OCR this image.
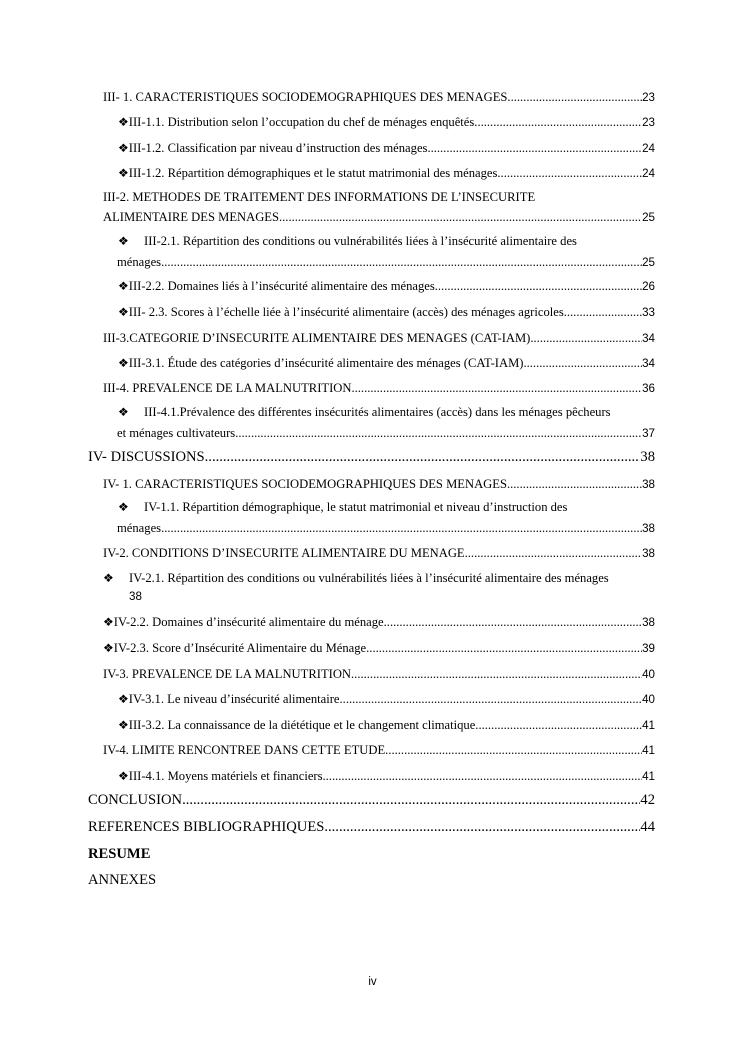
III- 1. CARACTERISTIQUES SOCIODEMOGRAPHIQUES DES MENAGES .....	23
❖ III-1.1. Distribution selon l’occupation du chef de ménages enquêtés .....	23
❖ III-1.2. Classification par niveau d’instruction des ménages .....	24
❖ III-1.2. Répartition démographiques et le statut matrimonial des ménages .....	24
III-2. METHODES DE TRAITEMENT DES INFORMATIONS DE L’INSECURITE
ALIMENTAIRE DES MENAGES .....	25
❖ III-2.1. Répartition des conditions ou vulnérabilités liées à l’insécurité alimentaire des
ménages .....	25
❖ III-2.2. Domaines liés à l’insécurité alimentaire des ménages .....	26
❖ III- 2.3. Scores à l’échelle liée à l’insécurité alimentaire (accès) des ménages agricoles .....	33
III-3.CATEGORIE D’INSECURITE ALIMENTAIRE DES MENAGES (CAT-IAM) .....	34
❖ III-3.1. Étude des catégories d’insécurité alimentaire des ménages (CAT-IAM) .....	34
III-4. PREVALENCE DE LA MALNUTRITION .....	36
❖ III-4.1.Prévalence des différentes insécurités alimentaires (accès) dans les ménages pêcheurs
et ménages cultivateurs .....	37
IV- DISCUSSIONS .....	38
IV- 1. CARACTERISTIQUES SOCIODEMOGRAPHIQUES DES MENAGES .....	38
❖ IV-1.1. Répartition démographique, le statut matrimonial et niveau d’instruction des
ménages .....	38
IV-2. CONDITIONS D’INSECURITE ALIMENTAIRE DU MENAGE .....	38
❖ IV-2.1. Répartition des conditions ou vulnérabilités liées à l’insécurité alimentaire des ménages
38
❖ IV-2.2. Domaines d’insécurité alimentaire du ménage .....	38
❖ IV-2.3. Score d’Insécurité Alimentaire du Ménage .....	39
IV-3. PREVALENCE DE LA MALNUTRITION .....	40
❖ IV-3.1. Le niveau d’insécurité alimentaire .....	40
❖ III-3.2. La connaissance de la diététique et le changement climatique .....	41
IV-4. LIMITE RENCONTREE DANS CETTE ETUDE .....	41
❖ III-4.1. Moyens matériels et financiers .....	41
CONCLUSION .....	42
REFERENCES BIBLIOGRAPHIQUES .....	44
RESUME
ANNEXES
iv
